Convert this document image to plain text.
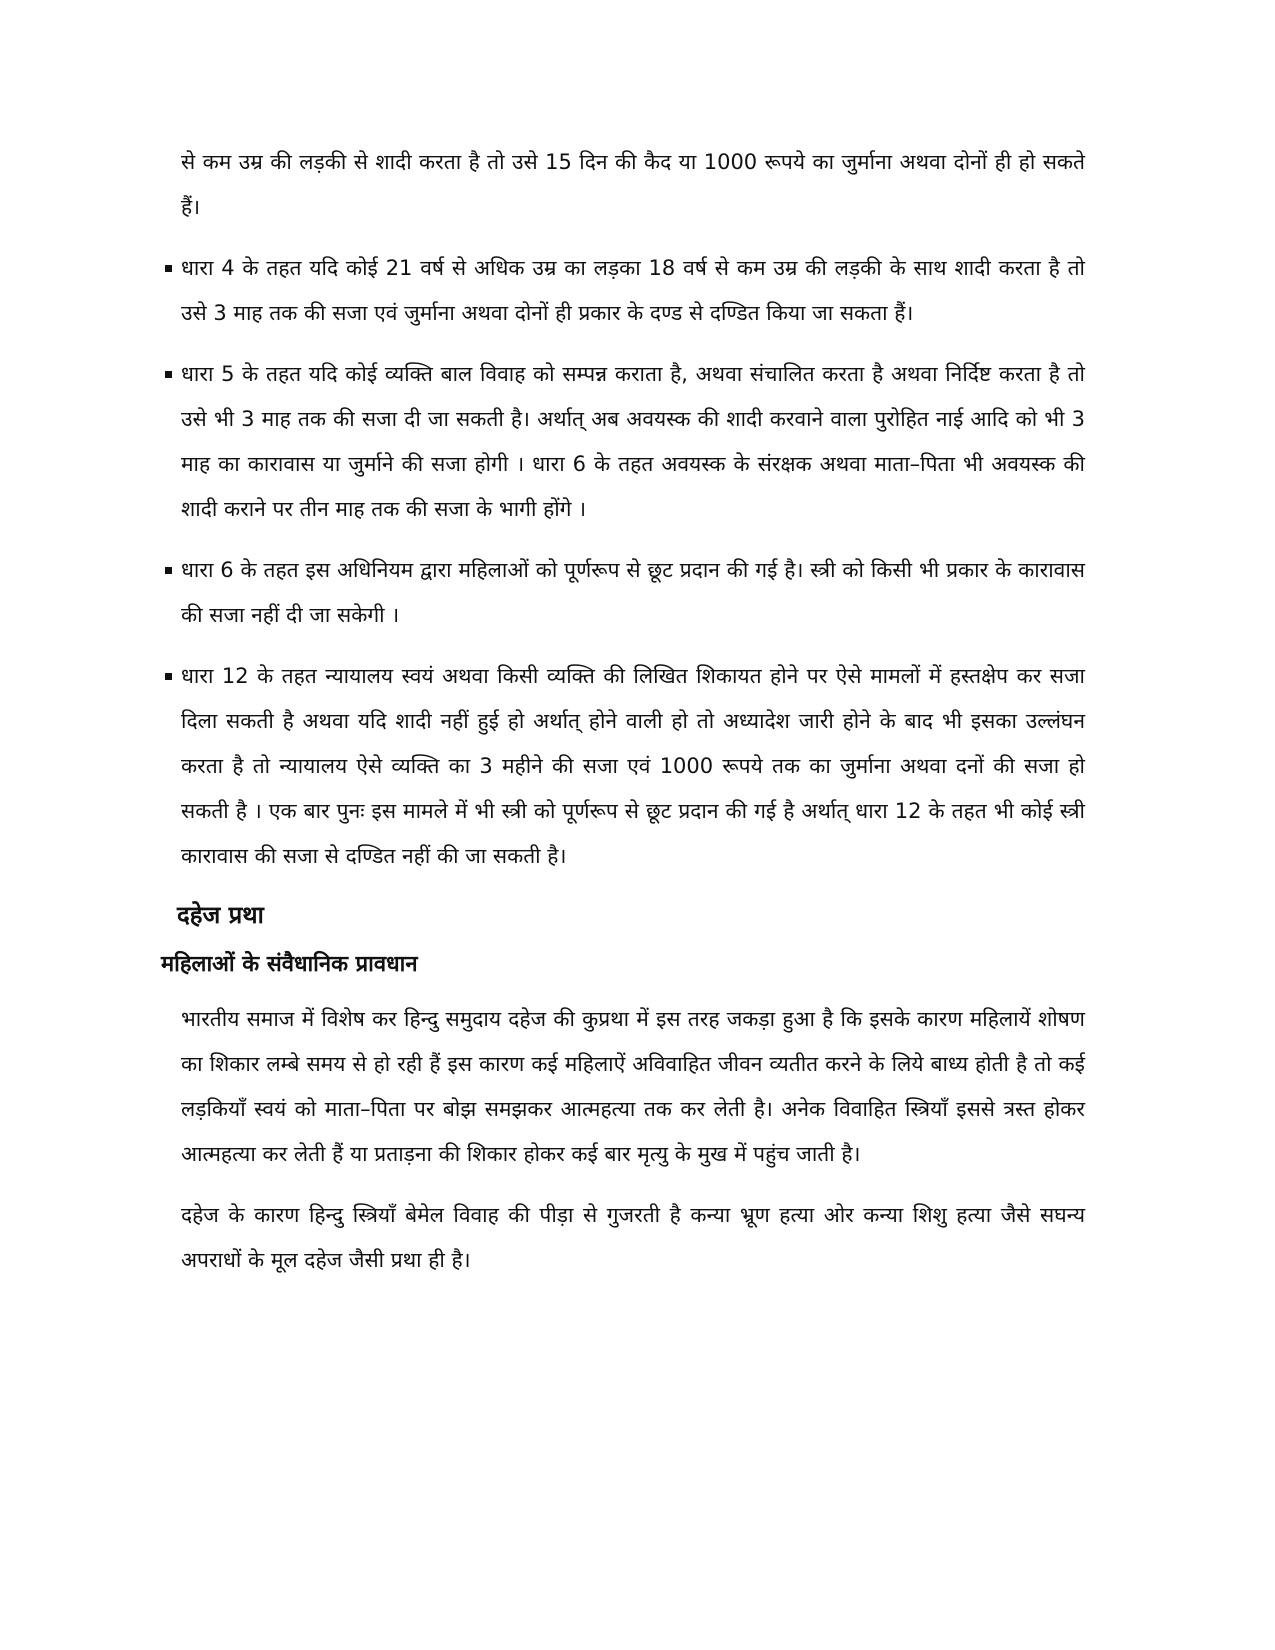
से कम उम्र की लड़की से शादी करता है तो उसे 15 दिन की कैद या 1000 रूपये का जुर्माना अथवा दोनों ही हो सकते हैं।

धारा 4 के तहत यदि कोई 21 वर्ष से अधिक उम्र का लड़का 18 वर्ष से कम उम्र की लड़की के साथ शादी करता है तो उसे 3 माह तक की सजा एवं जुर्माना अथवा दोनों ही प्रकार के दण्ड से दण्डित किया जा सकता हैं।
धारा 5 के तहत यदि कोई व्यक्ति बाल विवाह को सम्पन्न कराता है, अथवा संचालित करता है अथवा निर्दिष्ट करता है तो उसे भी 3 माह तक की सजा दी जा सकती है। अर्थात् अब अवयस्क की शादी करवाने वाला पुरोहित नाई आदि को भी 3 माह का कारावास या जुर्माने की सजा होगी । धारा 6 के तहत अवयस्क के संरक्षक अथवा माता–पिता भी अवयस्क की शादी कराने पर तीन माह तक की सजा के भागी होंगे ।
धारा 6 के तहत इस अधिनियम द्वारा महिलाओं को पूर्णरूप से छूट प्रदान की गई है। स्त्री को किसी भी प्रकार के कारावास की सजा नहीं दी जा सकेगी ।
धारा 12 के तहत न्यायालय स्वयं अथवा किसी व्यक्ति की लिखित शिकायत होने पर ऐसे मामलों में हस्तक्षेप कर सजा दिला सकती है अथवा यदि शादी नहीं हुई हो अर्थात् होने वाली हो तो अध्यादेश जारी होने के बाद भी इसका उल्लंघन करता है तो न्यायालय ऐसे व्यक्ति का 3 महीने की सजा एवं 1000 रूपये तक का जुर्माना अथवा दनों की सजा हो सकती है । एक बार पुनः इस मामले में भी स्त्री को पूर्णरूप से छूट प्रदान की गई है अर्थात् धारा 12 के तहत भी कोई स्त्री कारावास की सजा से दण्डित नहीं की जा सकती है।
दहेज प्रथा
महिलाओं के संवैधानिक प्रावधान

भारतीय समाज में विशेष कर हिन्दु समुदाय दहेज की कुप्रथा में इस तरह जकड़ा हुआ है कि इसके कारण महिलायें शोषण का शिकार लम्बे समय से हो रही हैं इस कारण कई महिलाऐं अविवाहित जीवन व्यतीत करने के लिये बाध्य होती है तो कई लड़कियॉं स्वयं को माता–पिता पर बोझ समझकर आत्महत्या तक कर लेती है। अनेक विवाहित स्त्रियॉं इससे त्रस्त होकर आत्महत्या कर लेती हैं या प्रताड़ना की शिकार होकर कई बार मृत्यु के मुख में पहुंच जाती है।

दहेज के कारण हिन्दु स्त्रियॉं बेमेल विवाह की पीड़ा से गुजरती है कन्या भ्रूण हत्या ओर कन्या शिशु हत्या जैसे सघन्य अपराधों के मूल दहेज जैसी प्रथा ही है।
